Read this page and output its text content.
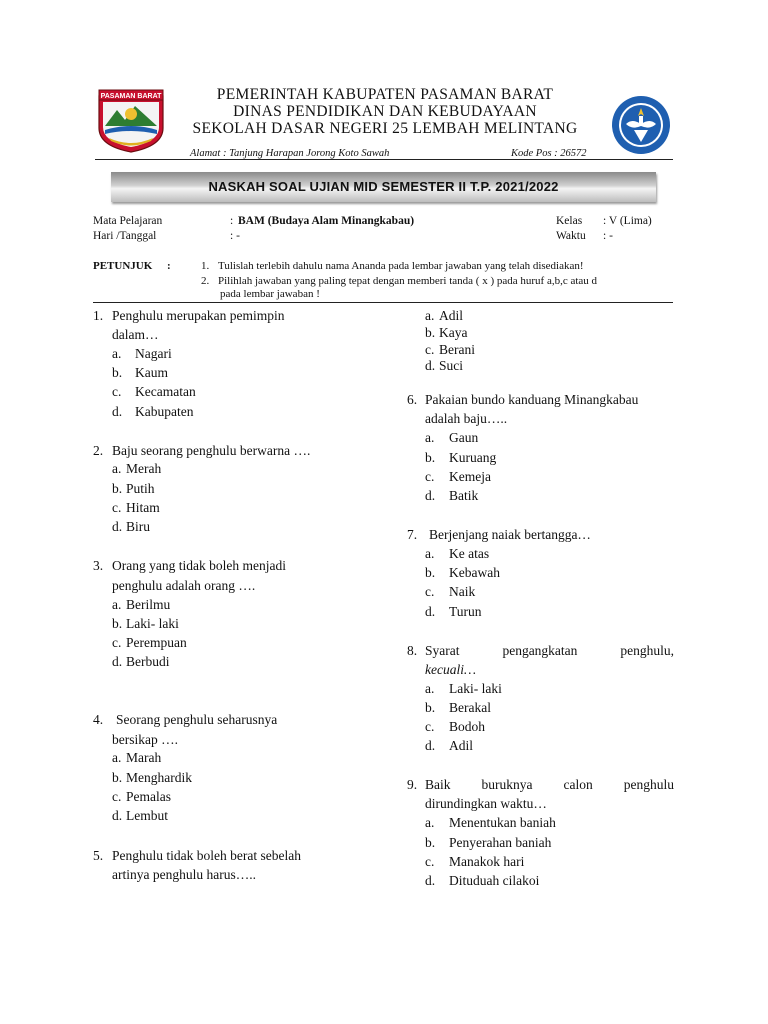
PASAMAN BARAT	PEMERINTAH KABUPATEN PASAMAN BARAT
DINAS PENDIDIKAN DAN KEBUDAYAAN
SEKOLAH DASAR NEGERI 25 LEMBAH MELINTANG
Alamat : Tanjung Harapan Jorong Koto Sawah	Kode Pos : 26572
NASKAH SOAL UJIAN MID SEMESTER II T.P. 2021/2022
Mata Pelajaran	: BAM (Budaya Alam Minangkabau)
Hari /Tanggal	: -
Kelas : V (Lima)
Waktu : -
PETUNJUK :	1. Tulislah terlebih dahulu nama Ananda pada lembar jawaban yang telah disediakan!
2. Pilihlah jawaban yang paling tepat dengan memberi tanda ( x ) pada huruf a,b,c atau d
pada lembar jawaban !
1. Penghulu merupakan pemimpin
dalam…
a. Nagari
b. Kaum
c. Kecamatan
d. Kabupaten
2. Baju seorang penghulu berwarna ….
a. Merah
b. Putih
c. Hitam
d. Biru
3. Orang yang tidak boleh menjadi
penghulu adalah orang ….
a. Berilmu
b. Laki- laki
c. Perempuan
d. Berbudi
4. Seorang penghulu seharusnya
bersikap ….
a. Marah
b. Menghardik
c. Pemalas
d. Lembut
5. Penghulu tidak boleh berat sebelah
artinya penghulu harus…..
a. Adil
b. Kaya
c. Berani
d. Suci
6. Pakaian bundo kanduang Minangkabau
adalah baju…..
a. Gaun
b. Kuruang
c. Kemeja
d. Batik
7. Berjenjang naiak bertangga…
a. Ke atas
b. Kebawah
c. Naik
d. Turun
8. Syarat	pengangkatan	penghulu,
kecuali…
a. Laki- laki
b. Berakal
c. Bodoh
d. Adil
9. Baik buruknya calon penghulu
dirundingkan waktu…
a. Menentukan baniah
b. Penyerahan baniah
c. Manakok hari
d. Dituduah cilakoi
